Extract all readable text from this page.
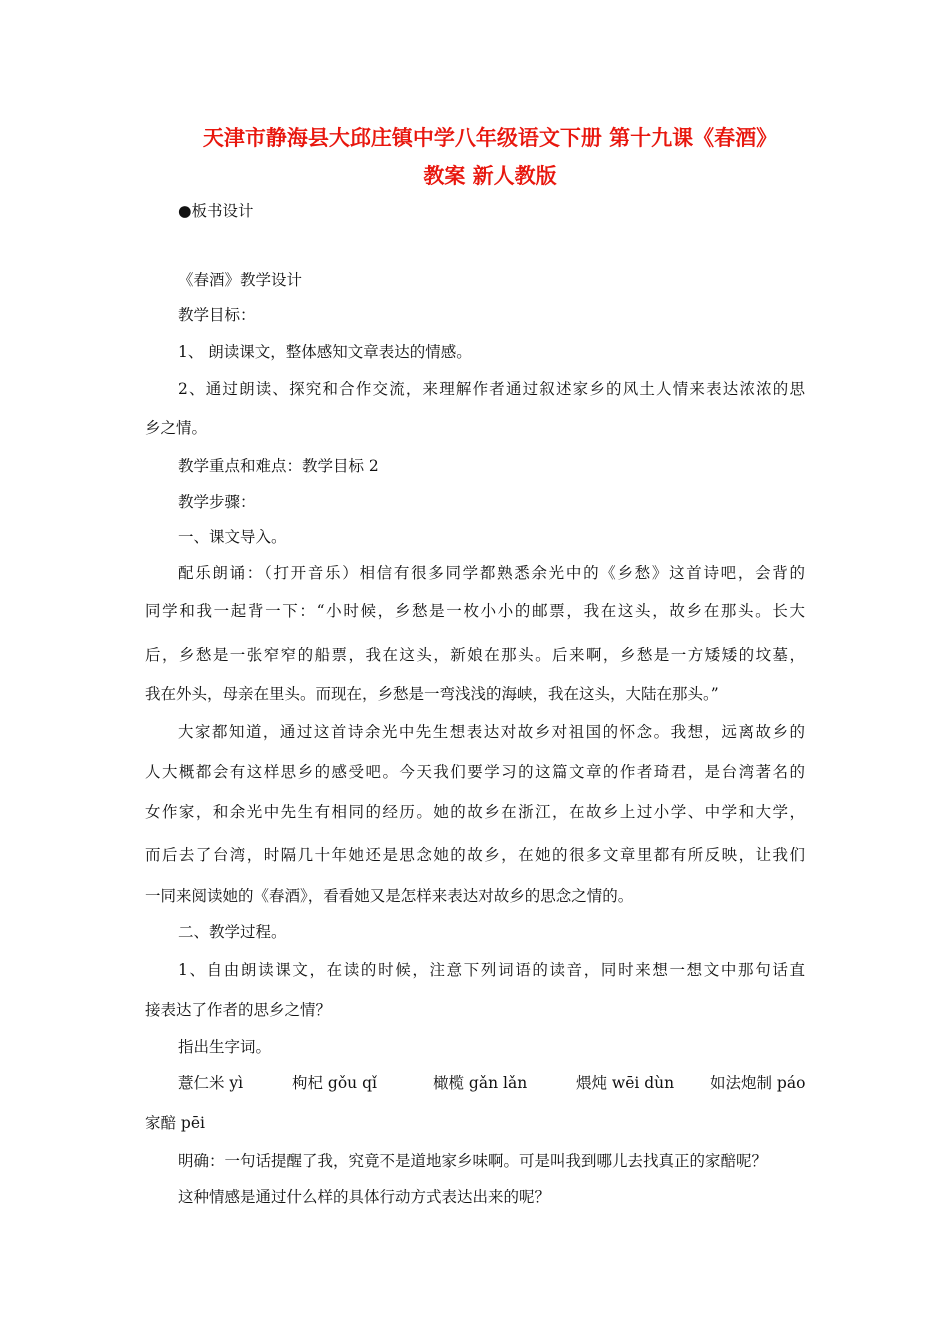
天津市静海县大邱庄镇中学八年级语文下册 第十九课《春酒》
教案 新人教版

●板书设计

《春酒》教学设计

教学目标：

1、 朗读课文，整体感知文章表达的情感。

2、通过朗读、探究和合作交流，来理解作者通过叙述家乡的风土人情来表达浓浓的思

乡之情。

教学重点和难点：教学目标 2

教学步骤：

一、课文导入。

配乐朗诵：（打开音乐）相信有很多同学都熟悉余光中的《乡愁》这首诗吧，会背的

同学和我一起背一下：“小时候，乡愁是一枚小小的邮票，我在这头，故乡在那头。长大

后，乡愁是一张窄窄的船票，我在这头，新娘在那头。后来啊，乡愁是一方矮矮的坟墓，

我在外头，母亲在里头。而现在，乡愁是一弯浅浅的海峡，我在这头，大陆在那头。”

大家都知道，通过这首诗余光中先生想表达对故乡对祖国的怀念。我想，远离故乡的

人大概都会有这样思乡的感受吧。今天我们要学习的这篇文章的作者琦君，是台湾著名的

女作家，和余光中先生有相同的经历。她的故乡在浙江，在故乡上过小学、中学和大学，

而后去了台湾，时隔几十年她还是思念她的故乡，在她的很多文章里都有所反映，让我们

一同来阅读她的《春酒》，看看她又是怎样来表达对故乡的思念之情的。

二、教学过程。

1、自由朗读课文，在读的时候，注意下列词语的读音，同时来想一想文中那句话直

接表达了作者的思乡之情？

指出生字词。

薏仁米 yì	枸杞 gǒu qǐ	橄榄 gǎn lǎn	煨炖 wēi dùn 如法炮制 páo

家醅 pēi

明确：一句话提醒了我，究竟不是道地家乡味啊。可是叫我到哪儿去找真正的家醅呢？

这种情感是通过什么样的具体行动方式表达出来的呢？
